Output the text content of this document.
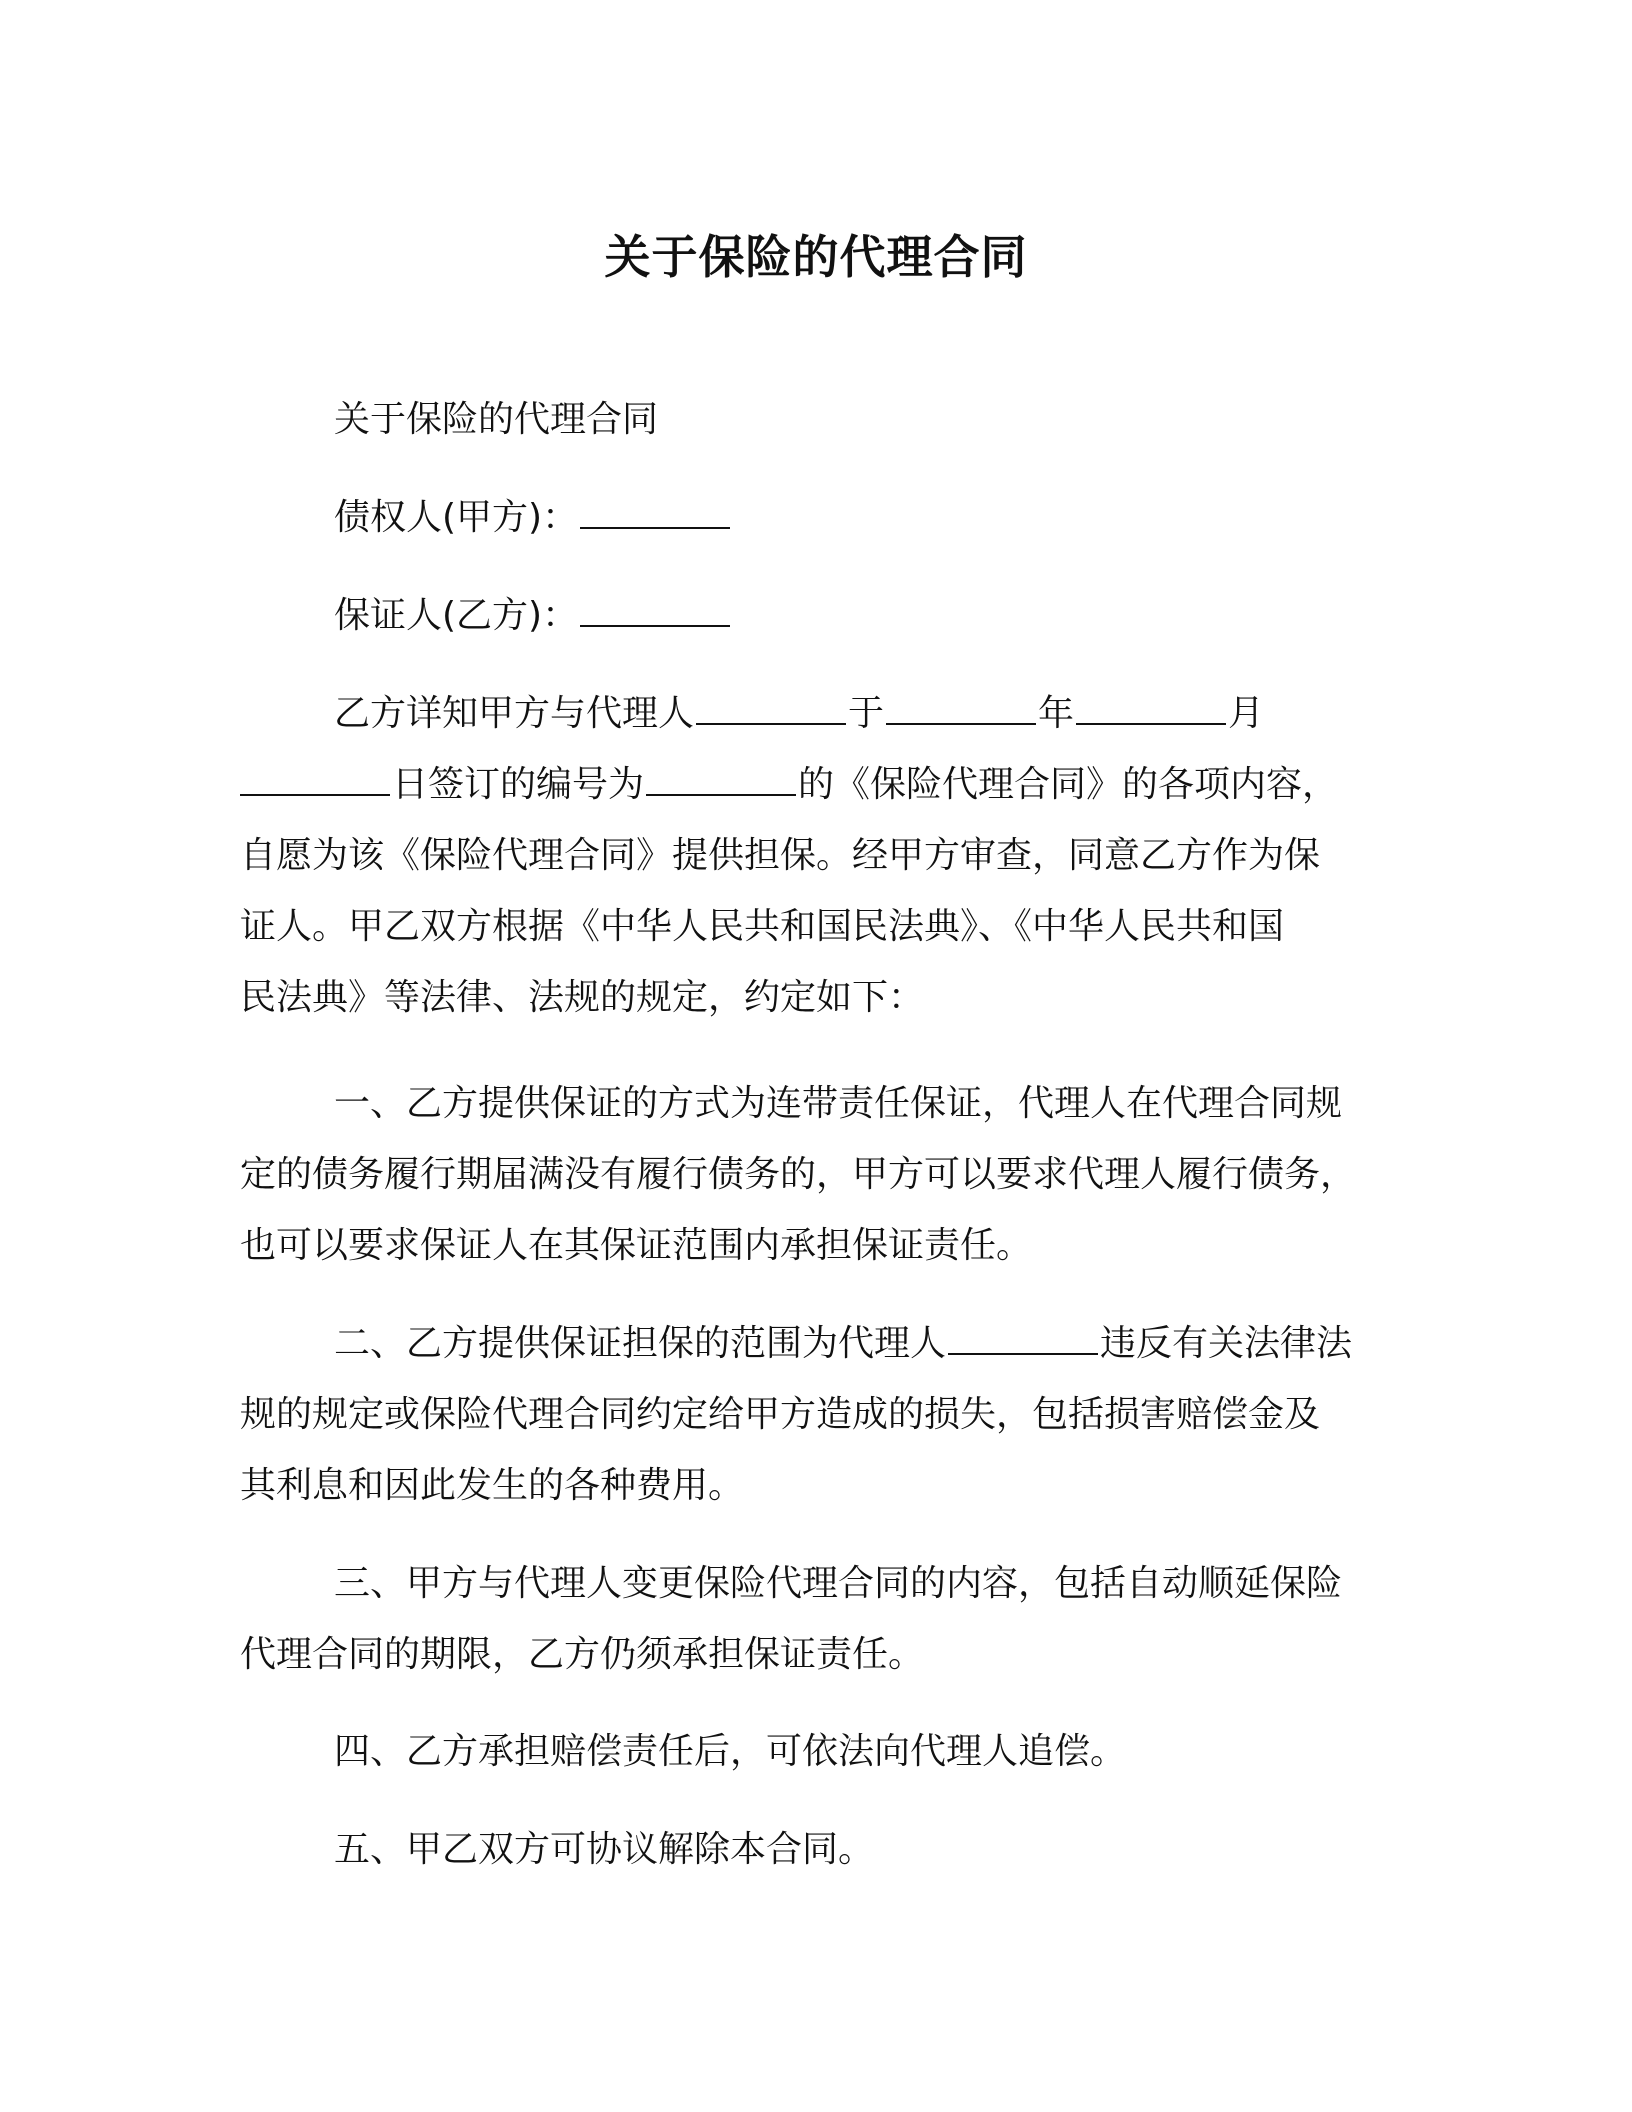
关于保险的代理合同
关于保险的代理合同
债权人(甲方)：
保证人(乙方)：
乙方详知甲方与代理人	于	年	月
日签订的编号为	的《保险代理合同》的各项内容，
自愿为该《保险代理合同》提供担保。经甲方审查，同意乙方作为保
证人。甲乙双方根据《中华人民共和国民法典》、《中华人民共和国
民法典》等法律、法规的规定，约定如下：
一、乙方提供保证的方式为连带责任保证，代理人在代理合同规
定的债务履行期届满没有履行债务的，甲方可以要求代理人履行债务，
也可以要求保证人在其保证范围内承担保证责任。
二、乙方提供保证担保的范围为代理人	违反有关法律法
规的规定或保险代理合同约定给甲方造成的损失，包括损害赔偿金及
其利息和因此发生的各种费用。
三、甲方与代理人变更保险代理合同的内容，包括自动顺延保险
代理合同的期限，乙方仍须承担保证责任。
四、乙方承担赔偿责任后，可依法向代理人追偿。
五、甲乙双方可协议解除本合同。
